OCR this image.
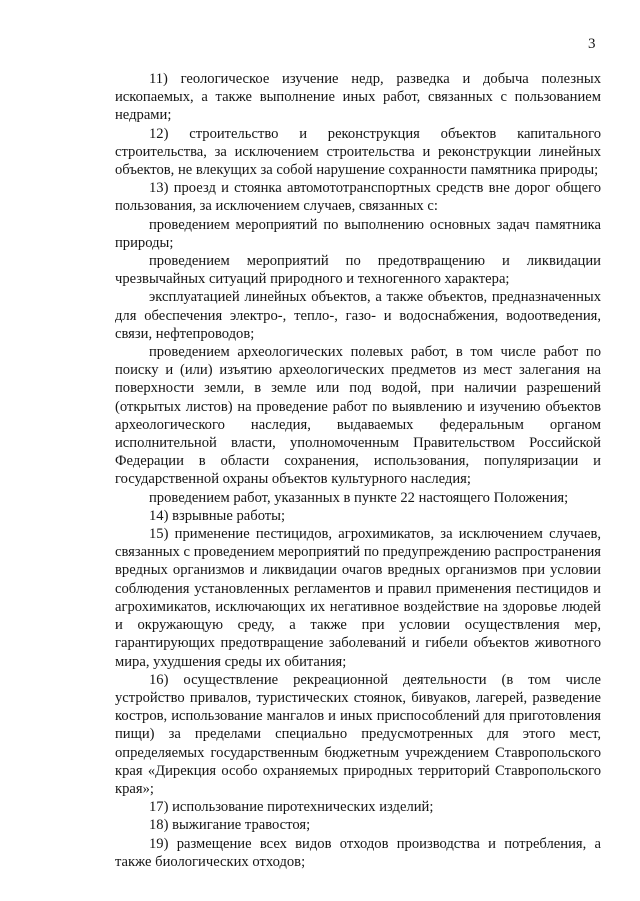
3

11) геологическое изучение недр, разведка и добыча полезных ископаемых, а также выполнение иных работ, связанных с пользованием недрами;

12) строительство и реконструкция объектов капитального строительства, за исключением строительства и реконструкции линейных объектов, не влекущих за собой нарушение сохранности памятника природы;

13) проезд и стоянка автомототранспортных средств вне дорог общего пользования, за исключением случаев, связанных с:

проведением мероприятий по выполнению основных задач памятника природы;

проведением мероприятий по предотвращению и ликвидации чрезвычайных ситуаций природного и техногенного характера;

эксплуатацией линейных объектов, а также объектов, предназначенных для обеспечения электро-, тепло-, газо- и водоснабжения, водоотведения, связи, нефтепроводов;

проведением археологических полевых работ, в том числе работ по поиску и (или) изъятию археологических предметов из мест залегания на поверхности земли, в земле или под водой, при наличии разрешений (открытых листов) на проведение работ по выявлению и изучению объектов археологического наследия, выдаваемых федеральным органом исполнительной власти, уполномоченным Правительством Российской Федерации в области сохранения, использования, популяризации и государственной охраны объектов культурного наследия;

проведением работ, указанных в пункте 22 настоящего Положения;

14) взрывные работы;

15) применение пестицидов, агрохимикатов, за исключением случаев, связанных с проведением мероприятий по предупреждению распространения вредных организмов и ликвидации очагов вредных организмов при условии соблюдения установленных регламентов и правил применения пестицидов и агрохимикатов, исключающих их негативное воздействие на здоровье людей и окружающую среду, а также при условии осуществления мер, гарантирующих предотвращение заболеваний и гибели объектов животного мира, ухудшения среды их обитания;

16) осуществление рекреационной деятельности (в том числе устройство привалов, туристических стоянок, бивуаков, лагерей, разведение костров, использование мангалов и иных приспособлений для приготовления пищи) за пределами специально предусмотренных для этого мест, определяемых государственным бюджетным учреждением Ставропольского края «Дирекция особо охраняемых природных территорий Ставропольского края»;

17) использование пиротехнических изделий;

18) выжигание травостоя;

19) размещение всех видов отходов производства и потребления, а также биологических отходов;
